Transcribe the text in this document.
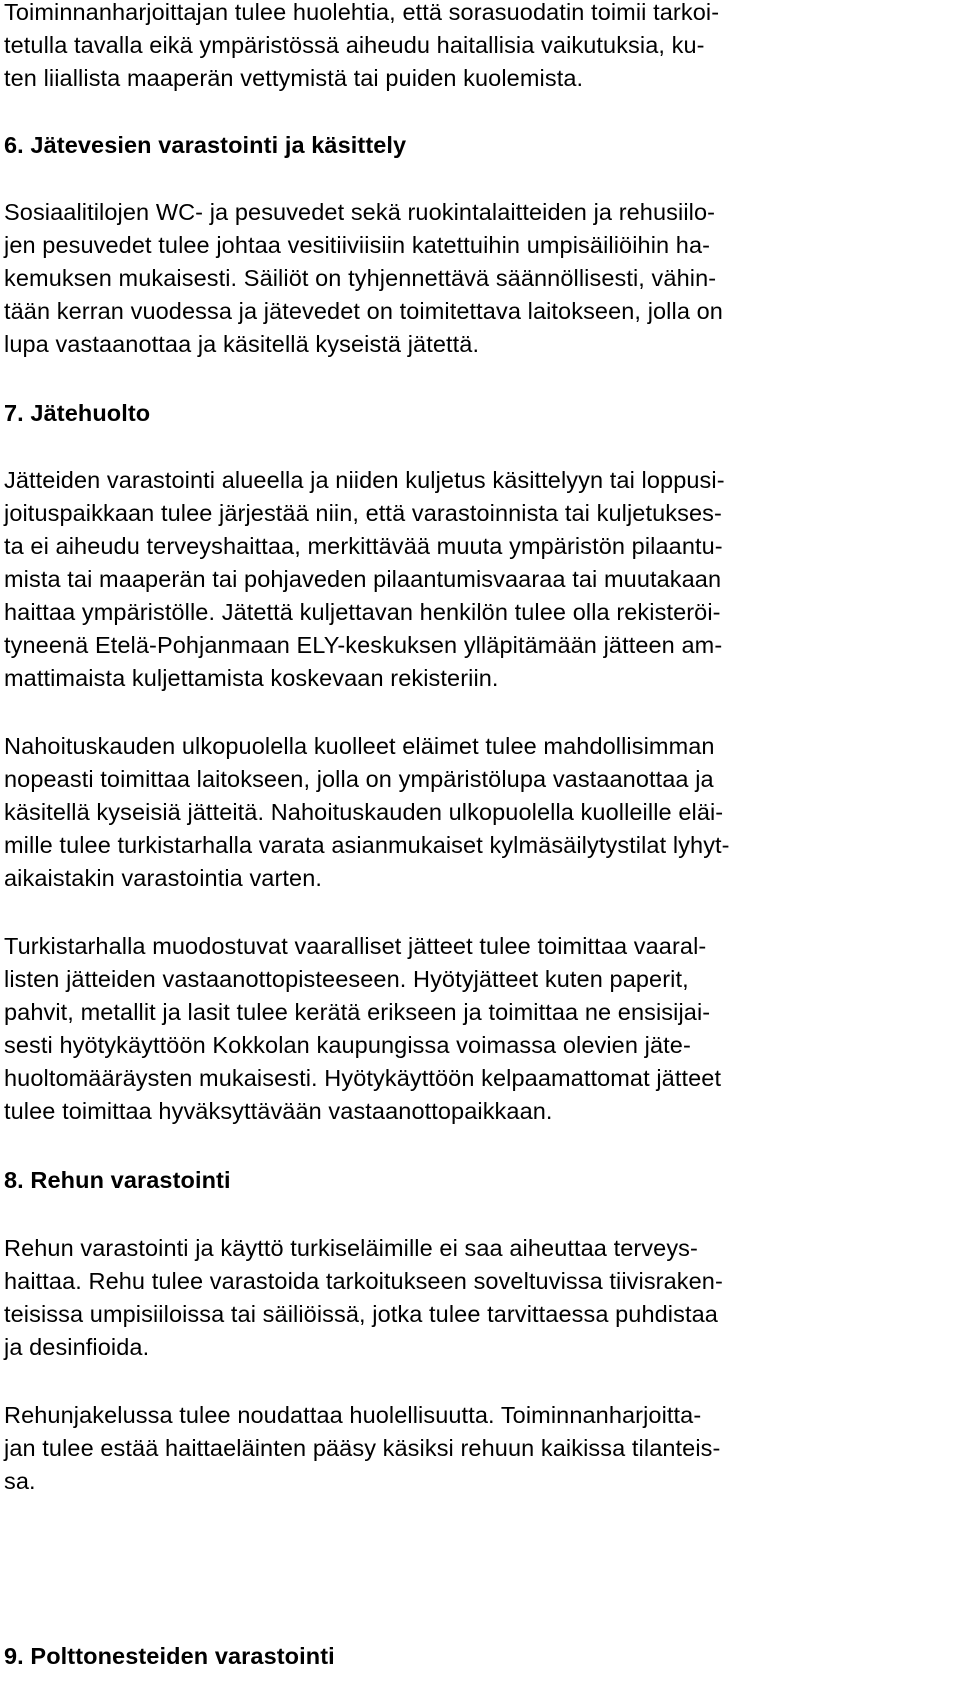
Toiminnanharjoittajan tulee huolehtia, että sorasuodatin toimii tarkoi-
tetulla tavalla eikä ympäristössä aiheudu haitallisia vaikutuksia, ku-
ten liiallista maaperän vettymistä tai puiden kuolemista.
6. Jätevesien varastointi ja käsittely
Sosiaalitilojen WC- ja pesuvedet sekä ruokintalaitteiden ja rehusiilo-
jen pesuvedet tulee johtaa vesitiiviisiin katettuihin umpisäiliöihin ha-
kemuksen mukaisesti. Säiliöt on tyhjennettävä säännöllisesti, vähin-
tään kerran vuodessa ja jätevedet on toimitettava laitokseen, jolla on
lupa vastaanottaa ja käsitellä kyseistä jätettä.
7. Jätehuolto
Jätteiden varastointi alueella ja niiden kuljetus käsittelyyn tai loppusi-
joituspaikkaan tulee järjestää niin, että varastoinnista tai kuljetukses-
ta ei aiheudu terveyshaittaa, merkittävää muuta ympäristön pilaantu-
mista tai maaperän tai pohjaveden pilaantumisvaaraa tai muutakaan
haittaa ympäristölle. Jätettä kuljettavan henkilön tulee olla rekisteröi-
tyneenä Etelä-Pohjanmaan ELY-keskuksen ylläpitämään jätteen am-
mattimaista kuljettamista koskevaan rekisteriin.
Nahoituskauden ulkopuolella kuolleet eläimet tulee mahdollisimman
nopeasti toimittaa laitokseen, jolla on ympäristölupa vastaanottaa ja
käsitellä kyseisiä jätteitä. Nahoituskauden ulkopuolella kuolleille eläi-
mille tulee turkistarhalla varata asianmukaiset kylmäsäilytystilat lyhyt-
aikaistakin varastointia varten.
Turkistarhalla muodostuvat vaaralliset jätteet tulee toimittaa vaaral-
listen jätteiden vastaanottopisteeseen. Hyötyjätteet kuten paperit,
pahvit, metallit ja lasit tulee kerätä erikseen ja toimittaa ne ensisijai-
sesti hyötykäyttöön Kokkolan kaupungissa voimassa olevien jäte-
huoltomääräysten mukaisesti. Hyötykäyttöön kelpaamattomat jätteet
tulee toimittaa hyväksyttävään vastaanottopaikkaan.
8. Rehun varastointi
Rehun varastointi ja käyttö turkiseläimille ei saa aiheuttaa terveys-
haittaa. Rehu tulee varastoida tarkoitukseen soveltuvissa tiivisraken-
teisissa umpisiiloissa tai säiliöissä, jotka tulee tarvittaessa puhdistaa
ja desinfioida.
Rehunjakelussa tulee noudattaa huolellisuutta. Toiminnanharjoitta-
jan tulee estää haittaeläinten pääsy käsiksi rehuun kaikissa tilanteis-
sa.
9. Polttonesteiden varastointi
